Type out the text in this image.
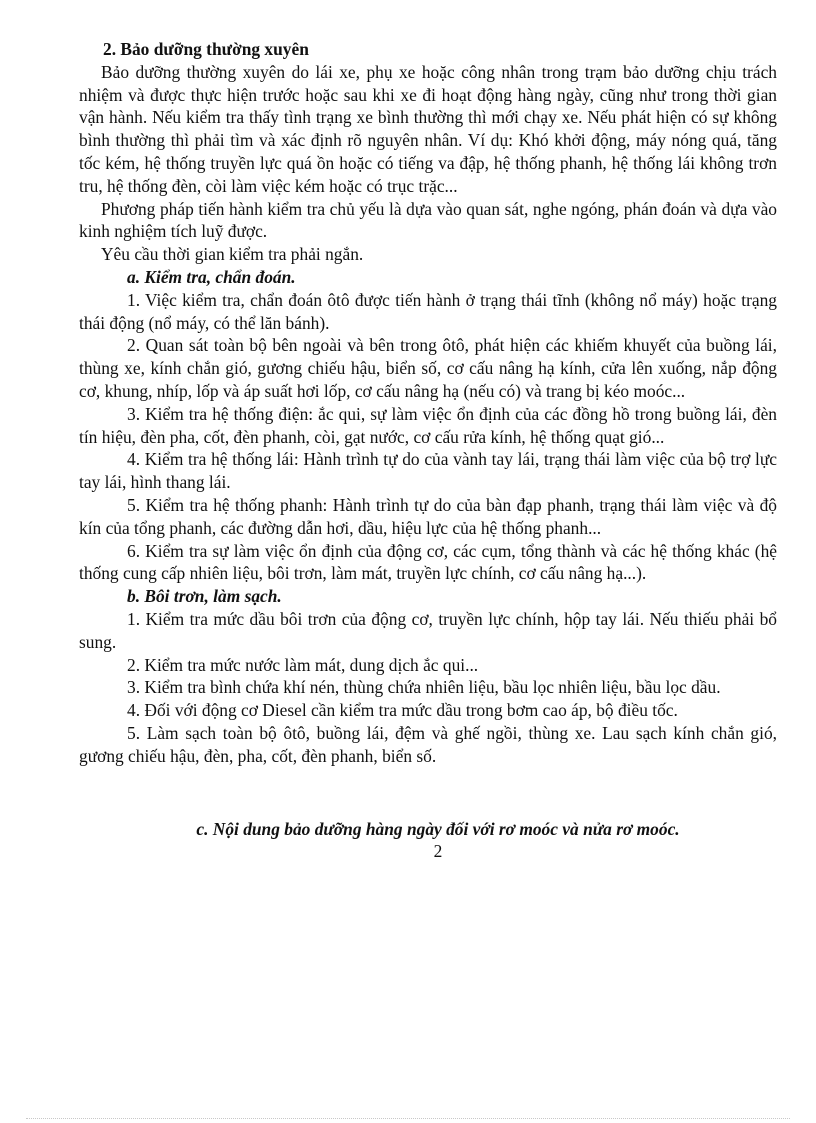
2. Bảo dưỡng thường xuyên

Bảo dưỡng thường xuyên do lái xe, phụ xe hoặc công nhân trong trạm bảo dưỡng chịu trách nhiệm và được thực hiện trước hoặc sau khi xe đi hoạt động hàng ngày, cũng như trong thời gian vận hành. Nếu kiểm tra thấy tình trạng xe bình thường thì mới chạy xe. Nếu phát hiện có sự không bình thường thì phải tìm và xác định rõ nguyên nhân. Ví dụ: Khó khởi động, máy nóng quá, tăng tốc kém, hệ thống truyền lực quá ồn hoặc có tiếng va đập, hệ thống phanh, hệ thống lái không trơn tru, hệ thống đèn, còi làm việc kém hoặc có trục trặc...

Phương pháp tiến hành kiểm tra chủ yếu là dựa vào quan sát, nghe ngóng, phán đoán và dựa vào kinh nghiệm tích luỹ được.

Yêu cầu thời gian kiểm tra phải ngắn.

a. Kiểm tra, chẩn đoán.

1. Việc kiểm tra, chẩn đoán ôtô được tiến hành ở trạng thái tĩnh (không nổ máy) hoặc trạng thái động (nổ máy, có thể lăn bánh).

2. Quan sát toàn bộ bên ngoài và bên trong ôtô, phát hiện các khiếm khuyết của buồng lái, thùng xe, kính chắn gió, gương chiếu hậu, biển số, cơ cấu nâng hạ kính, cửa lên xuống, nắp động cơ, khung, nhíp, lốp và áp suất hơi lốp, cơ cấu nâng hạ (nếu có) và trang bị kéo moóc...

3. Kiểm tra hệ thống điện: ắc qui, sự làm việc ổn định của các đồng hồ trong buồng lái, đèn tín hiệu, đèn pha, cốt, đèn phanh, còi, gạt nước, cơ cấu rửa kính, hệ thống quạt gió...

4. Kiểm tra hệ thống lái: Hành trình tự do của vành tay lái, trạng thái làm việc của bộ trợ lực tay lái, hình thang lái.

5. Kiểm tra hệ thống phanh: Hành trình tự do của bàn đạp phanh, trạng thái làm việc và độ kín của tổng phanh, các đường dẫn hơi, dầu, hiệu lực của hệ thống phanh...

6. Kiểm tra sự làm việc ổn định của động cơ, các cụm, tổng thành và các hệ thống khác (hệ thống cung cấp nhiên liệu, bôi trơn, làm mát, truyền lực chính, cơ cấu nâng hạ...).

b. Bôi trơn, làm sạch.

1. Kiểm tra mức dầu bôi trơn của động cơ, truyền lực chính, hộp tay lái. Nếu thiếu phải bổ sung.

2. Kiểm tra mức nước làm mát, dung dịch ắc qui...

3. Kiểm tra bình chứa khí nén, thùng chứa nhiên liệu, bầu lọc nhiên liệu, bầu lọc dầu.

4. Đối với động cơ Diesel cần kiểm tra mức dầu trong bơm cao áp, bộ điều tốc.

5. Làm sạch toàn bộ ôtô, buồng lái, đệm và ghế ngồi, thùng xe. Lau sạch kính chắn gió, gương chiếu hậu, đèn, pha, cốt, đèn phanh, biển số.

c. Nội dung bảo dưỡng hàng ngày đối với rơ moóc và nửa rơ moóc.

2
